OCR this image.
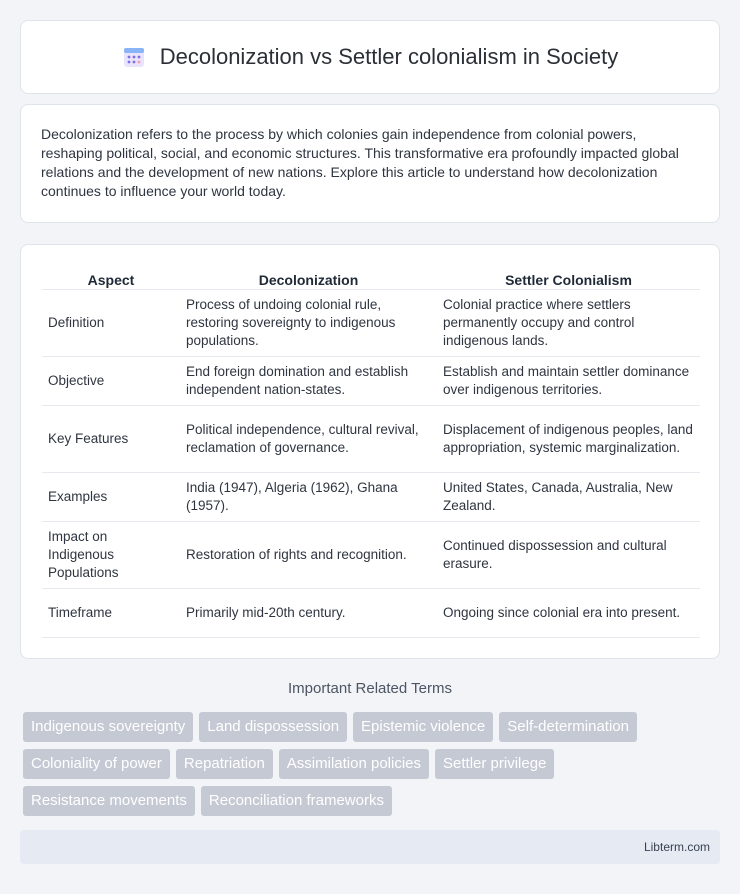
Decolonization vs Settler colonialism in Society

Decolonization refers to the process by which colonies gain independence from colonial powers, reshaping political, social, and economic structures. This transformative era profoundly impacted global relations and the development of new nations. Explore this article to understand how decolonization continues to influence your world today.

Aspect	Decolonization	Settler Colonialism
Definition	Process of undoing colonial rule, restoring sovereignty to indigenous populations.	Colonial practice where settlers permanently occupy and control indigenous lands.
Objective	End foreign domination and establish independent nation-states.	Establish and maintain settler dominance over indigenous territories.
Key Features	Political independence, cultural revival, reclamation of governance.	Displacement of indigenous peoples, land appropriation, systemic marginalization.
Examples	India (1947), Algeria (1962), Ghana (1957).	United States, Canada, Australia, New Zealand.
Impact on Indigenous Populations	Restoration of rights and recognition.	Continued dispossession and cultural erasure.
Timeframe	Primarily mid-20th century.	Ongoing since colonial era into present.
Important Related Terms
Indigenous sovereignty	Land dispossession	Epistemic violence	Self-determination
Coloniality of power	Repatriation	Assimilation policies	Settler privilege
Resistance movements	Reconciliation frameworks
Libterm.com
